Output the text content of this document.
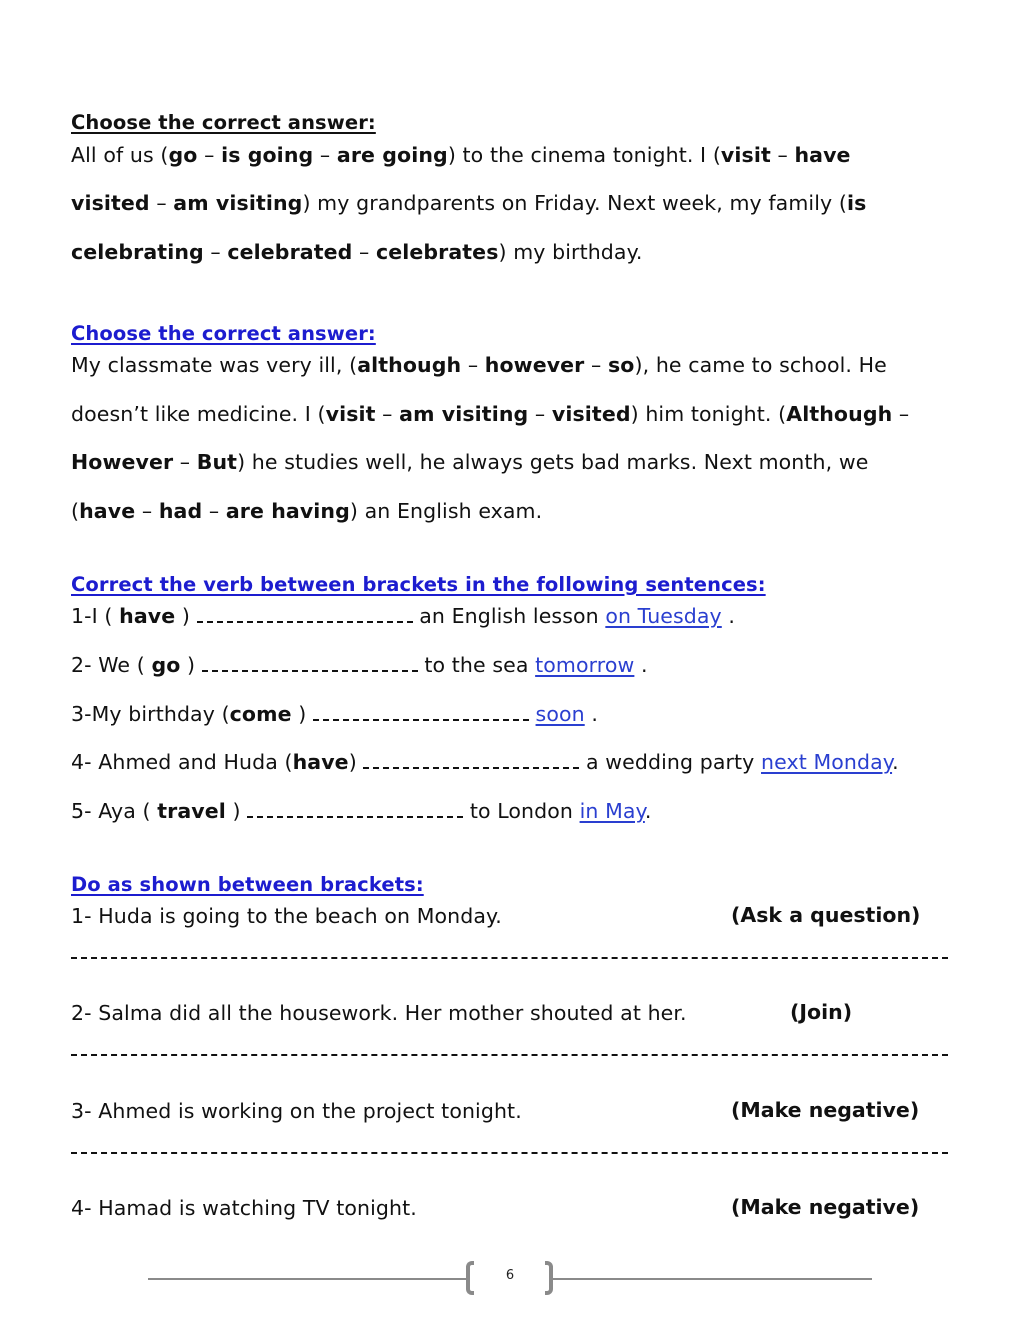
Choose the correct answer:
All of us (go – is going – are going) to the cinema tonight. I (visit – have
visited – am visiting) my grandparents on Friday. Next week, my family (is
celebrating – celebrated – celebrates) my birthday.
Choose the correct answer:
My classmate was very ill, (although – however – so), he came to school. He
doesn’t like medicine. I (visit – am visiting – visited) him tonight. (Although –
However – But) he studies well, he always gets bad marks. Next month, we
(have – had – are having) an English exam.
Correct the verb between brackets in the following sentences:
1-I ( have )	an English lesson on Tuesday .
2- We ( go )	to the sea tomorrow .
3-My birthday (come )	soon .
4- Ahmed and Huda (have)	a wedding party next Monday.
5- Aya ( travel )	to London in May.
Do as shown between brackets:
1- Huda is going to the beach on Monday.	(Ask a question)
2- Salma did all the housework. Her mother shouted at her.	(Join)
3- Ahmed is working on the project tonight.	(Make negative)
4- Hamad is watching TV tonight.	(Make negative)
6
